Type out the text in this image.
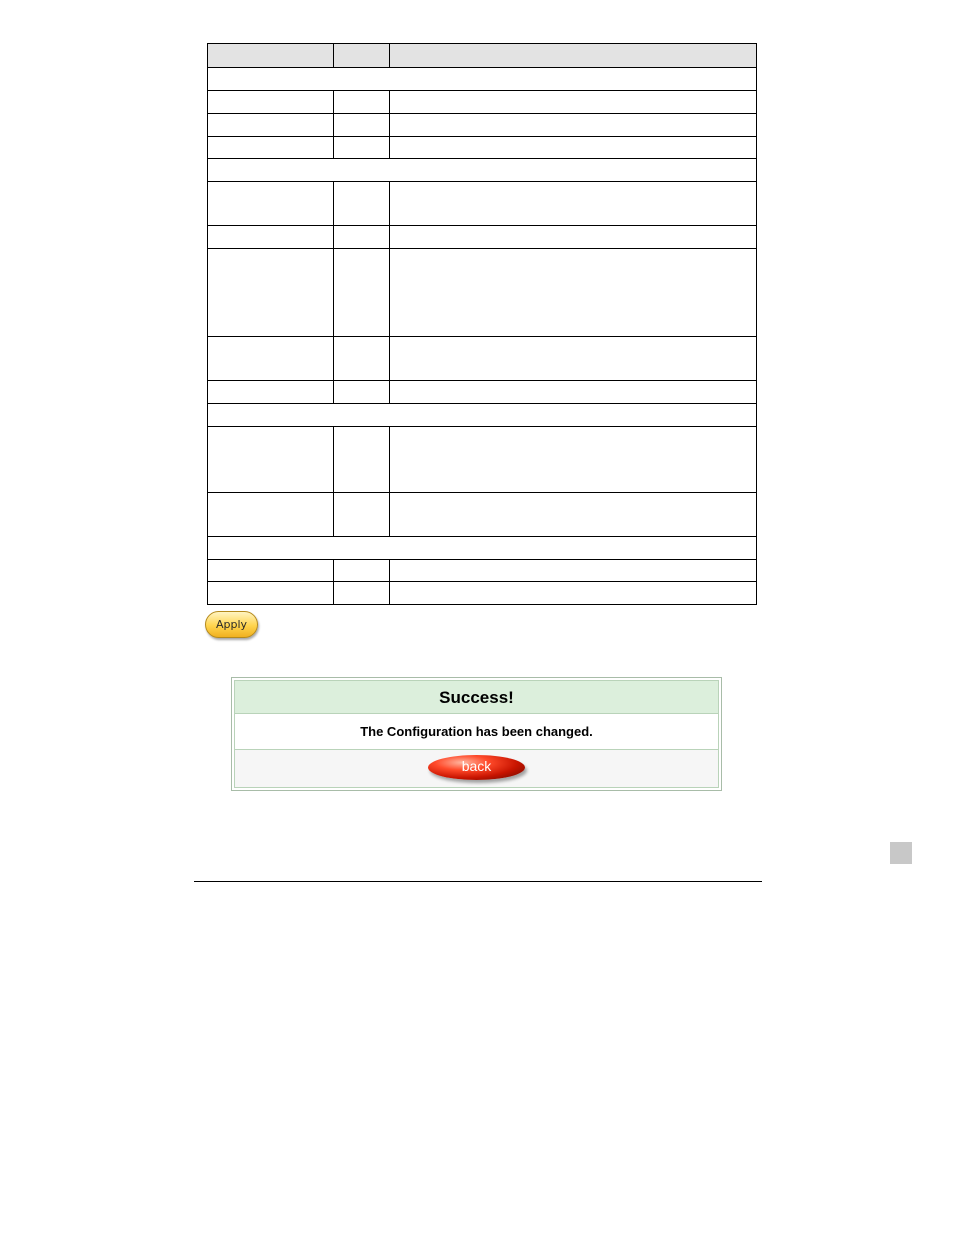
Apply
Success!
The Configuration has been changed.
back
